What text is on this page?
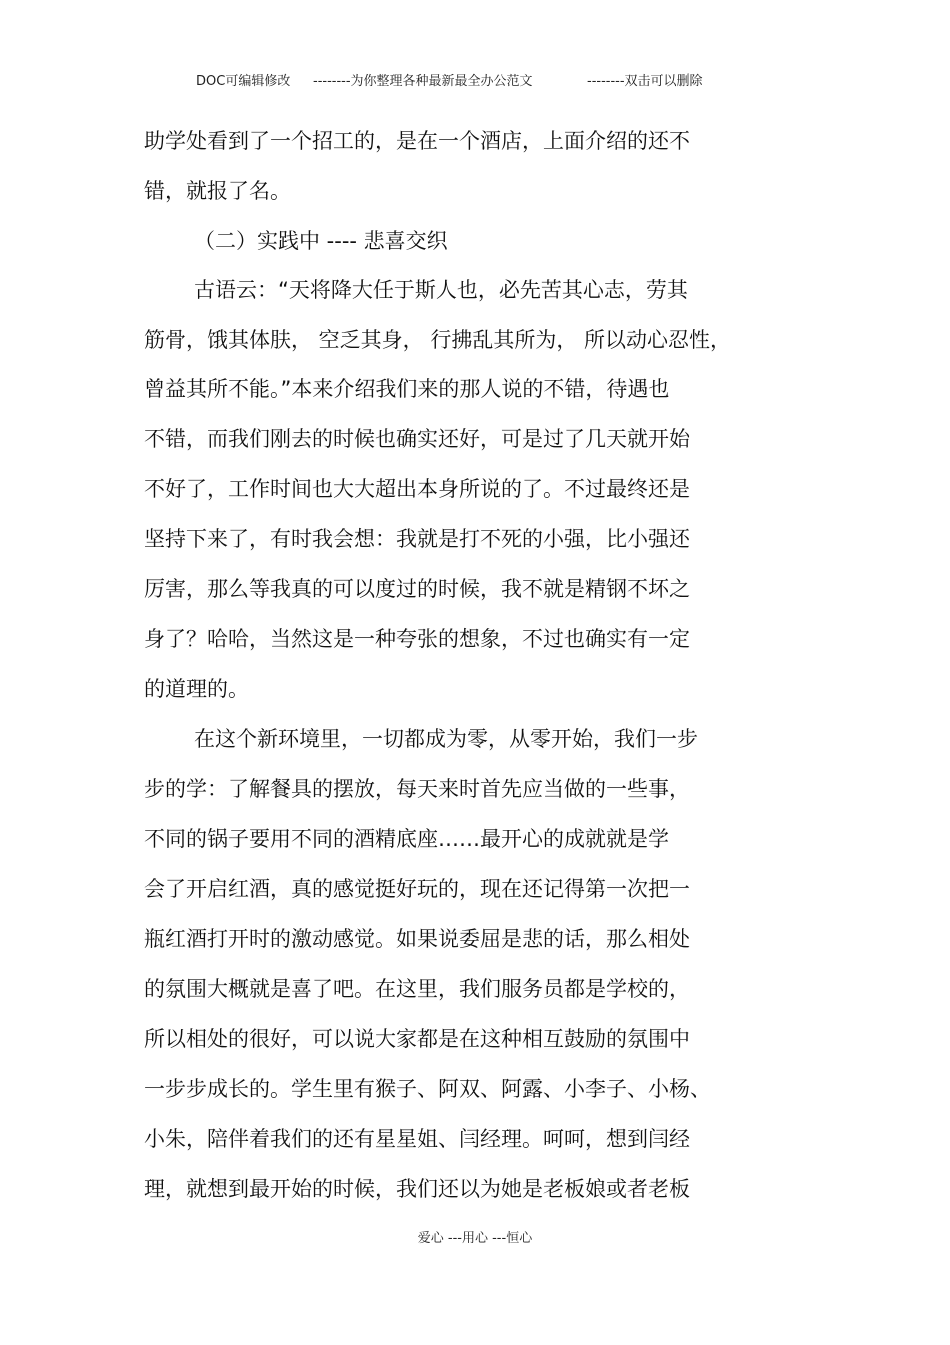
DOC可编辑修改 --------为你整理各种最新最全办公范文	--------双击可以删除
助学处看到了一个招工的，是在一个酒店，上面介绍的还不
错，就报了名。
（二）实践中 ---- 悲喜交织
古语云：“天将降大任于斯人也，必先苦其心志，劳其
筋骨，饿其体肤， 空乏其身， 行拂乱其所为， 所以动心忍性，
曾益其所不能。”本来介绍我们来的那人说的不错，待遇也
不错，而我们刚去的时候也确实还好，可是过了几天就开始
不好了，工作时间也大大超出本身所说的了。不过最终还是
坚持下来了，有时我会想：我就是打不死的小强，比小强还
厉害，那么等我真的可以度过的时候，我不就是精钢不坏之
身了？哈哈，当然这是一种夸张的想象，不过也确实有一定
的道理的。
在这个新环境里，一切都成为零，从零开始，我们一步
步的学：了解餐具的摆放，每天来时首先应当做的一些事，
不同的锅子要用不同的酒精底座……最开心的成就就是学
会了开启红酒，真的感觉挺好玩的，现在还记得第一次把一
瓶红酒打开时的激动感觉。如果说委屈是悲的话，那么相处
的氛围大概就是喜了吧。在这里，我们服务员都是学校的，
所以相处的很好，可以说大家都是在这种相互鼓励的氛围中
一步步成长的。学生里有猴子、阿双、阿露、小李子、小杨、
小朱，陪伴着我们的还有星星姐、闫经理。呵呵，想到闫经
理，就想到最开始的时候，我们还以为她是老板娘或者老板
爱心 ---用心 ---恒心
